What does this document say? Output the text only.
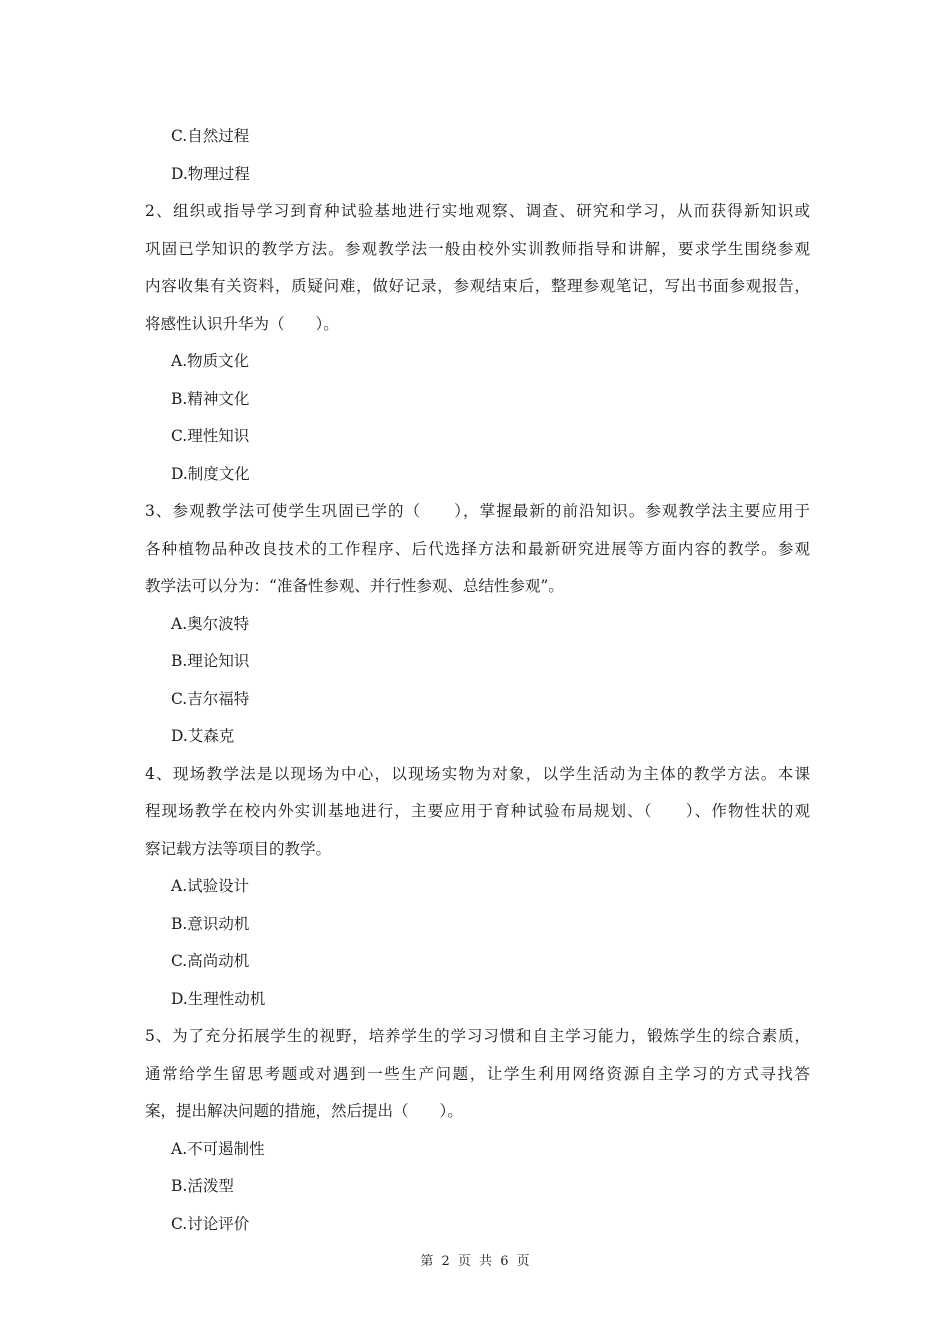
C.自然过程
D.物理过程
2、组织或指导学习到育种试验基地进行实地观察、调查、研究和学习，从而获得新知识或
巩固已学知识的教学方法。参观教学法一般由校外实训教师指导和讲解，要求学生围绕参观
内容收集有关资料，质疑问难，做好记录，参观结束后，整理参观笔记，写出书面参观报告，
将感性认识升华为（　　）。
A.物质文化
B.精神文化
C.理性知识
D.制度文化
3、参观教学法可使学生巩固已学的（　　），掌握最新的前沿知识。参观教学法主要应用于
各种植物品种改良技术的工作程序、后代选择方法和最新研究进展等方面内容的教学。参观
教学法可以分为：“准备性参观、并行性参观、总结性参观”。
A.奥尔波特
B.理论知识
C.吉尔福特
D.艾森克
4、现场教学法是以现场为中心，以现场实物为对象，以学生活动为主体的教学方法。本课
程现场教学在校内外实训基地进行，主要应用于育种试验布局规划、（　　）、作物性状的观
察记载方法等项目的教学。
A.试验设计
B.意识动机
C.高尚动机
D.生理性动机
5、为了充分拓展学生的视野，培养学生的学习习惯和自主学习能力，锻炼学生的综合素质，
通常给学生留思考题或对遇到一些生产问题，让学生利用网络资源自主学习的方式寻找答
案，提出解决问题的措施，然后提出（　　）。
A.不可遏制性
B.活泼型
C.讨论评价
第 2 页 共 6 页
